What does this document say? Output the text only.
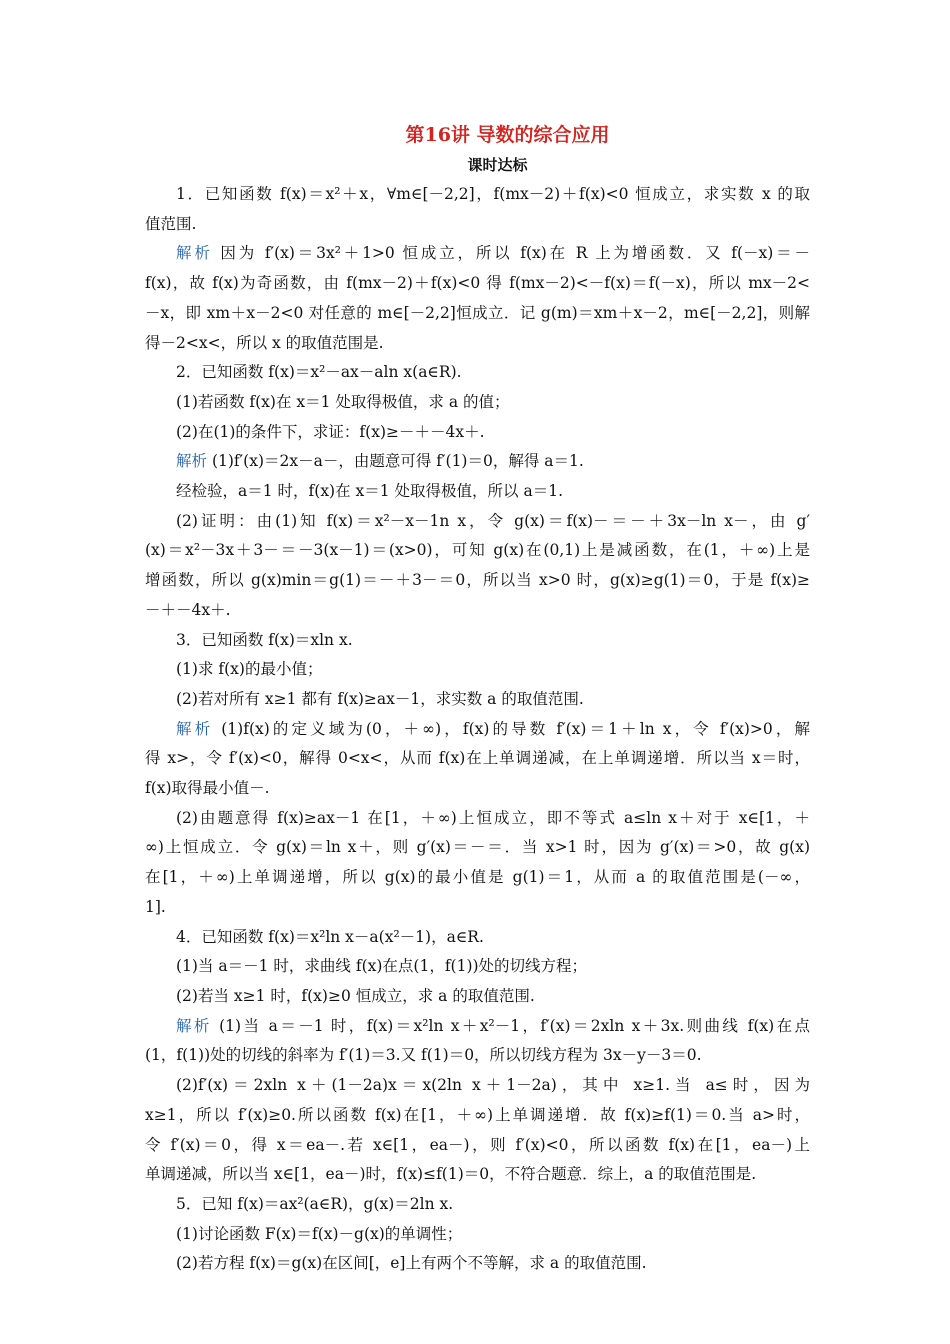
第16讲 导数的综合应用
课时达标
1．已知函数 f(x)＝x²＋x，∀m∈[－2,2]，f(mx－2)＋f(x)<0 恒成立，求实数 x 的取
值范围.
解析 因为 f′(x)＝3x²＋1>0 恒成立，所以 f(x)在 R 上为增函数．又 f(－x)＝－
f(x)，故 f(x)为奇函数，由 f(mx－2)＋f(x)<0 得 f(mx－2)<－f(x)＝f(－x)，所以 mx－2<
－x，即 xm＋x－2<0 对任意的 m∈[－2,2]恒成立．记 g(m)＝xm＋x－2，m∈[－2,2]，则解
得－2<x<，所以 x 的取值范围是.
2．已知函数 f(x)＝x²－ax－aln x(a∈R).
(1)若函数 f(x)在 x＝1 处取得极值，求 a 的值；
(2)在(1)的条件下，求证：f(x)≥－＋－4x＋.
解析 (1)f′(x)＝2x－a－，由题意可得 f′(1)＝0，解得 a＝1.
经检验，a＝1 时，f(x)在 x＝1 处取得极值，所以 a＝1.
(2)证明：由(1)知 f(x)＝x²－x－1n x，令 g(x)＝f(x)－＝－＋3x－ln x－，由 g′
(x)＝x²－3x＋3－＝－3(x－1)＝(x>0)，可知 g(x)在(0,1)上是减函数，在(1，＋∞)上是
增函数，所以 g(x)min＝g(1)＝－＋3－＝0，所以当 x>0 时，g(x)≥g(1)＝0，于是 f(x)≥
－＋－4x＋.
3．已知函数 f(x)＝xln x.
(1)求 f(x)的最小值；
(2)若对所有 x≥1 都有 f(x)≥ax－1，求实数 a 的取值范围.
解析 (1)f(x)的定义域为(0，＋∞)，f(x)的导数 f′(x)＝1＋ln x，令 f′(x)>0，解
得 x>，令 f′(x)<0，解得 0<x<，从而 f(x)在上单调递减，在上单调递增．所以当 x＝时，
f(x)取得最小值－.
(2)由题意得 f(x)≥ax－1 在[1，＋∞)上恒成立，即不等式 a≤ln x＋对于 x∈[1，＋
∞)上恒成立．令 g(x)＝ln x＋，则 g′(x)＝－＝．当 x>1 时，因为 g′(x)＝>0，故 g(x)
在[1，＋∞)上单调递增，所以 g(x)的最小值是 g(1)＝1，从而 a 的取值范围是(－∞，
1].
4．已知函数 f(x)＝x²ln x－a(x²－1)，a∈R.
(1)当 a＝－1 时，求曲线 f(x)在点(1，f(1))处的切线方程；
(2)若当 x≥1 时，f(x)≥0 恒成立，求 a 的取值范围.
解析 (1)当 a＝－1 时，f(x)＝x²ln x＋x²－1，f′(x)＝2xln x＋3x.则曲线 f(x)在点
(1，f(1))处的切线的斜率为 f′(1)＝3.又 f(1)＝0，所以切线方程为 3x－y－3＝0.
(2)f′(x)＝2xln x＋(1－2a)x＝x(2ln x＋1－2a)，其中 x≥1.当 a≤时，因为
x≥1，所以 f′(x)≥0.所以函数 f(x)在[1，＋∞)上单调递增．故 f(x)≥f(1)＝0.当 a>时，
令 f′(x)＝0，得 x＝ea－.若 x∈[1，ea－)，则 f′(x)<0，所以函数 f(x)在[1，ea－)上
单调递减，所以当 x∈[1，ea－)时，f(x)≤f(1)＝0，不符合题意．综上，a 的取值范围是.
5．已知 f(x)＝ax²(a∈R)，g(x)＝2ln x.
(1)讨论函数 F(x)＝f(x)－g(x)的单调性；
(2)若方程 f(x)＝g(x)在区间[，e]上有两个不等解，求 a 的取值范围.
